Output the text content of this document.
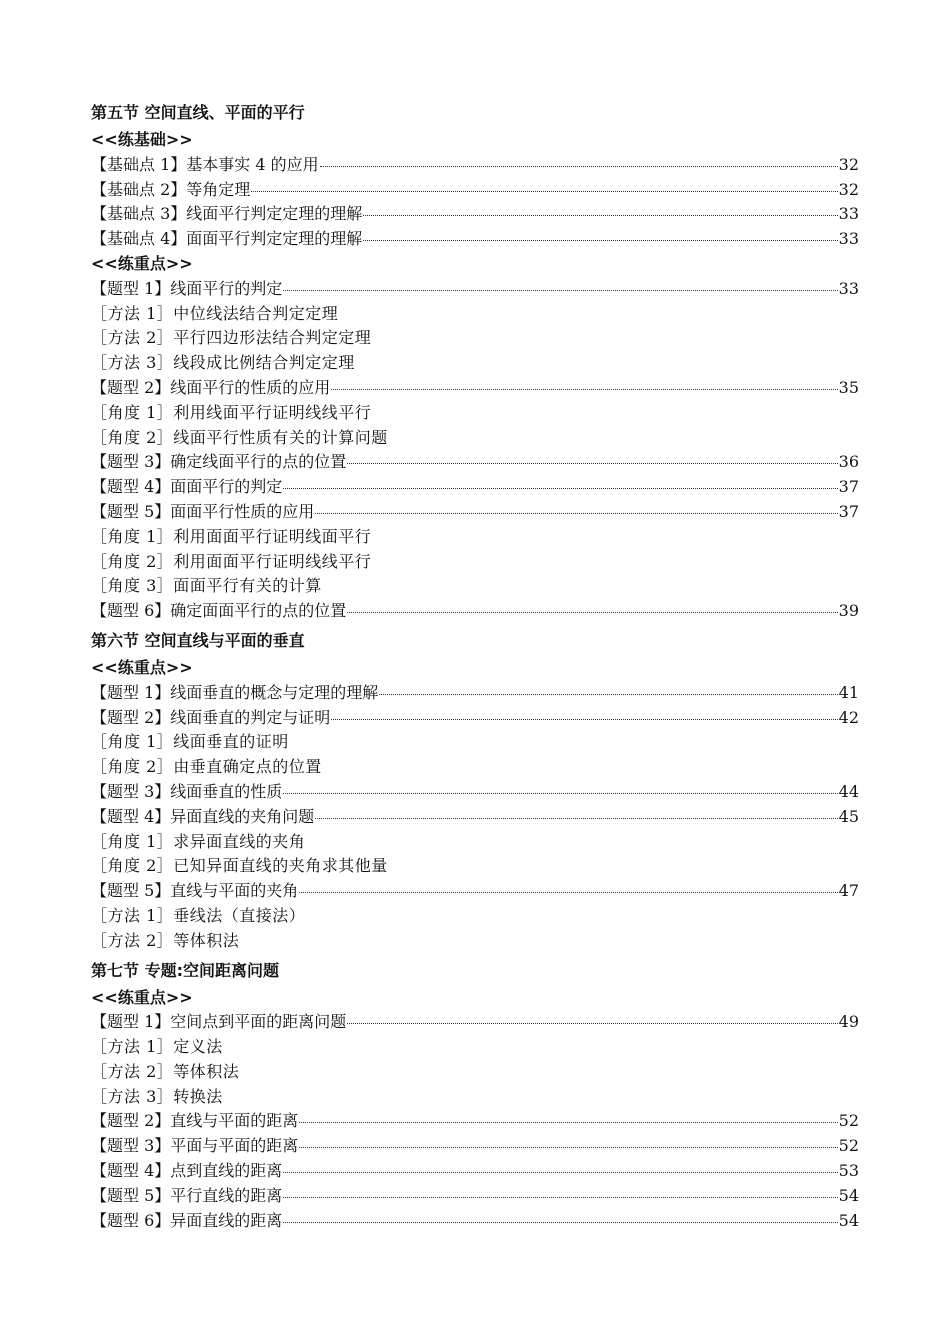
第五节 空间直线、平面的平行
<<练基础>>
【基础点 1】基本事实 4 的应用	32
【基础点 2】等角定理	32
【基础点 3】线面平行判定定理的理解	33
【基础点 4】面面平行判定定理的理解	33
<<练重点>>
【题型 1】线面平行的判定	33
［方法 1］中位线法结合判定定理
［方法 2］平行四边形法结合判定定理
［方法 3］线段成比例结合判定定理
【题型 2】线面平行的性质的应用	35
［角度 1］利用线面平行证明线线平行
［角度 2］线面平行性质有关的计算问题
【题型 3】确定线面平行的点的位置	36
【题型 4】面面平行的判定	37
【题型 5】面面平行性质的应用	37
［角度 1］利用面面平行证明线面平行
［角度 2］利用面面平行证明线线平行
［角度 3］面面平行有关的计算
【题型 6】确定面面平行的点的位置	39
第六节 空间直线与平面的垂直
<<练重点>>
【题型 1】线面垂直的概念与定理的理解	41
【题型 2】线面垂直的判定与证明	42
［角度 1］线面垂直的证明
［角度 2］由垂直确定点的位置
【题型 3】线面垂直的性质	44
【题型 4】异面直线的夹角问题	45
［角度 1］求异面直线的夹角
［角度 2］已知异面直线的夹角求其他量
【题型 5】直线与平面的夹角	47
［方法 1］垂线法（直接法）
［方法 2］等体积法
第七节 专题:空间距离问题
<<练重点>>
【题型 1】空间点到平面的距离问题	49
［方法 1］定义法
［方法 2］等体积法
［方法 3］转换法
【题型 2】直线与平面的距离	52
【题型 3】平面与平面的距离	52
【题型 4】点到直线的距离	53
【题型 5】平行直线的距离	54
【题型 6】异面直线的距离	54
